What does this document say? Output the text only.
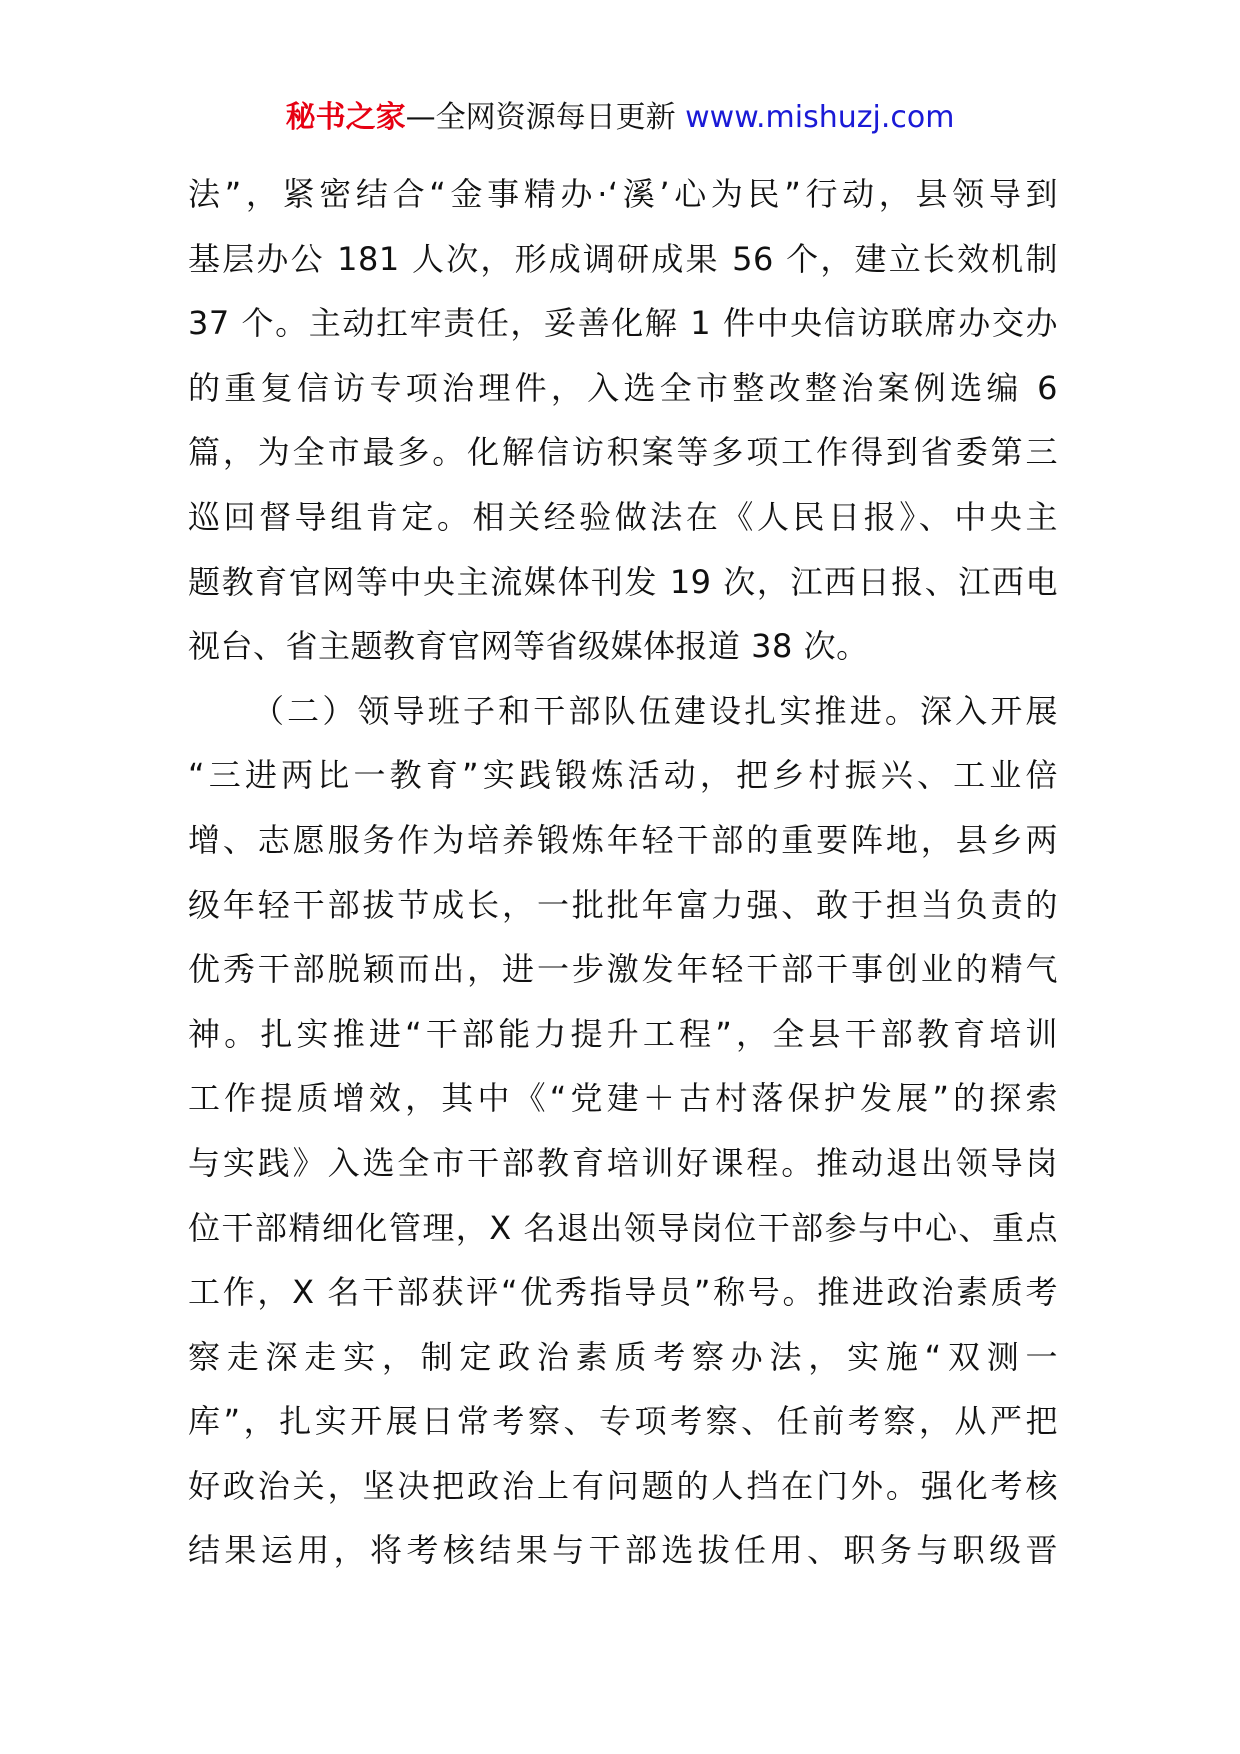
秘书之家—全网资源每日更新 www.mishuzj.com
法”，紧密结合“金事精办·‘溪’心为民”行动，县领导到
基层办公 181 人次，形成调研成果 56 个，建立长效机制
37 个。主动扛牢责任，妥善化解 1 件中央信访联席办交办
的重复信访专项治理件，入选全市整改整治案例选编 6
篇，为全市最多。化解信访积案等多项工作得到省委第三
巡回督导组肯定。相关经验做法在《人民日报》、中央主
题教育官网等中央主流媒体刊发 19 次，江西日报、江西电
视台、省主题教育官网等省级媒体报道 38 次。
（二）领导班子和干部队伍建设扎实推进。深入开展
“三进两比一教育”实践锻炼活动，把乡村振兴、工业倍
增、志愿服务作为培养锻炼年轻干部的重要阵地，县乡两
级年轻干部拔节成长，一批批年富力强、敢于担当负责的
优秀干部脱颖而出，进一步激发年轻干部干事创业的精气
神。扎实推进“干部能力提升工程”，全县干部教育培训
工作提质增效，其中《“党建＋古村落保护发展”的探索
与实践》入选全市干部教育培训好课程。推动退出领导岗
位干部精细化管理，X 名退出领导岗位干部参与中心、重点
工作，X 名干部获评“优秀指导员”称号。推进政治素质考
察走深走实，制定政治素质考察办法，实施“双测一
库”，扎实开展日常考察、专项考察、任前考察，从严把
好政治关，坚决把政治上有问题的人挡在门外。强化考核
结果运用，将考核结果与干部选拔任用、职务与职级晋
